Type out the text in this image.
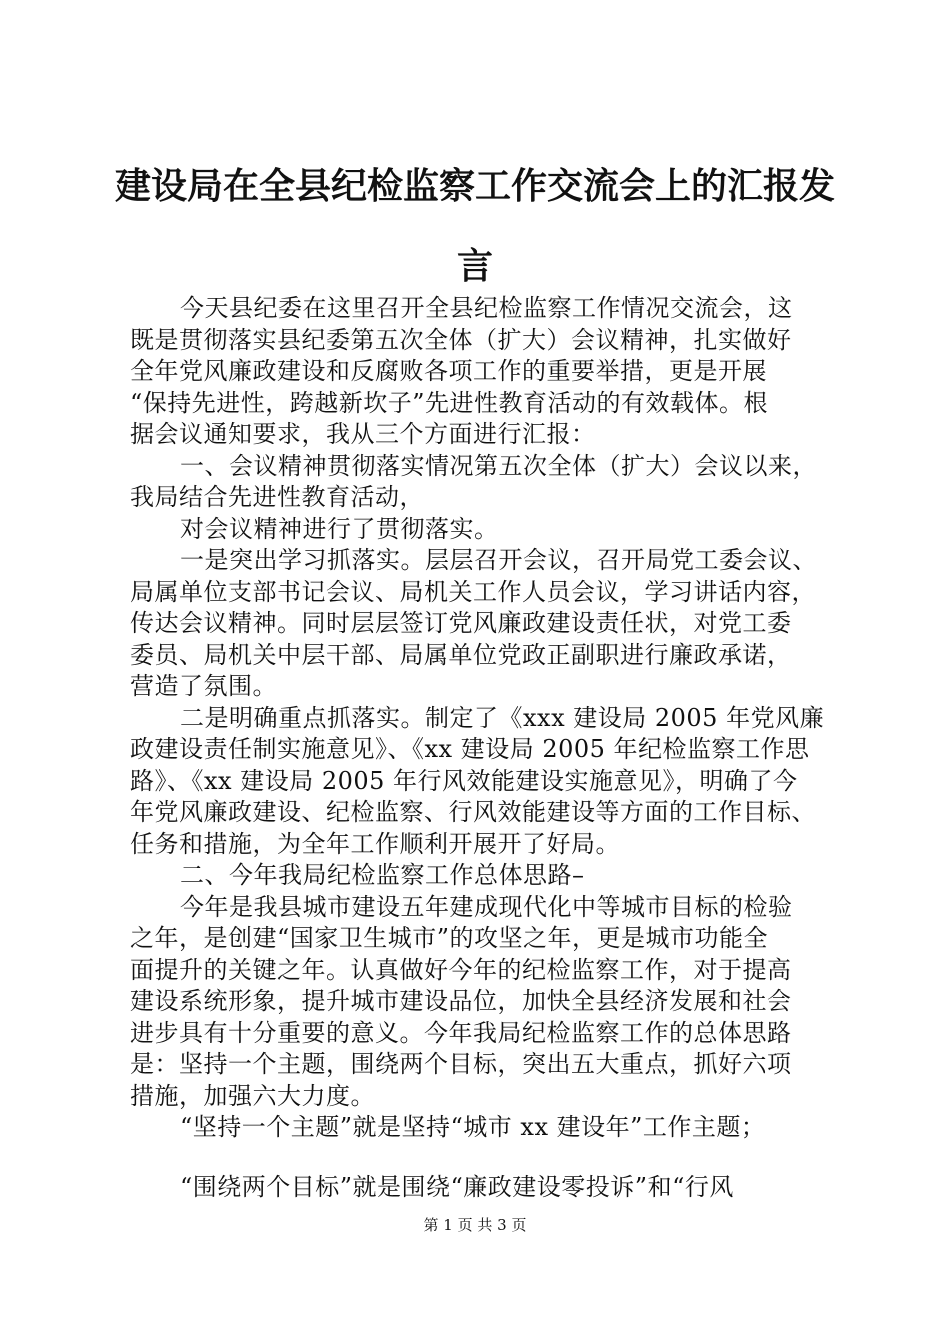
建设局在全县纪检监察工作交流会上的汇报发
言
今天县纪委在这里召开全县纪检监察工作情况交流会，这
既是贯彻落实县纪委第五次全体（扩大）会议精神，扎实做好
全年党风廉政建设和反腐败各项工作的重要举措，更是开展
“保持先进性，跨越新坎子”先进性教育活动的有效载体。根
据会议通知要求，我从三个方面进行汇报：
一、会议精神贯彻落实情况第五次全体（扩大）会议以来，
我局结合先进性教育活动，
对会议精神进行了贯彻落实。
一是突出学习抓落实。层层召开会议，召开局党工委会议、
局属单位支部书记会议、局机关工作人员会议，学习讲话内容，
传达会议精神。同时层层签订党风廉政建设责任状，对党工委
委员、局机关中层干部、局属单位党政正副职进行廉政承诺，
营造了氛围。
二是明确重点抓落实。制定了《xxx 建设局 2005 年党风廉
政建设责任制实施意见》、《xx 建设局 2005 年纪检监察工作思
路》、《xx 建设局 2005 年行风效能建设实施意见》，明确了今
年党风廉政建设、纪检监察、行风效能建设等方面的工作目标、
任务和措施，为全年工作顺利开展开了好局。
二、今年我局纪检监察工作总体思路–
今年是我县城市建设五年建成现代化中等城市目标的检验
之年，是创建“国家卫生城市”的攻坚之年，更是城市功能全
面提升的关键之年。认真做好今年的纪检监察工作，对于提高
建设系统形象，提升城市建设品位，加快全县经济发展和社会
进步具有十分重要的意义。今年我局纪检监察工作的总体思路
是：坚持一个主题，围绕两个目标，突出五大重点，抓好六项
措施，加强六大力度。
“坚持一个主题”就是坚持“城市 xx 建设年”工作主题；
“围绕两个目标”就是围绕“廉政建设零投诉”和“行风
第 1 页 共 3 页
